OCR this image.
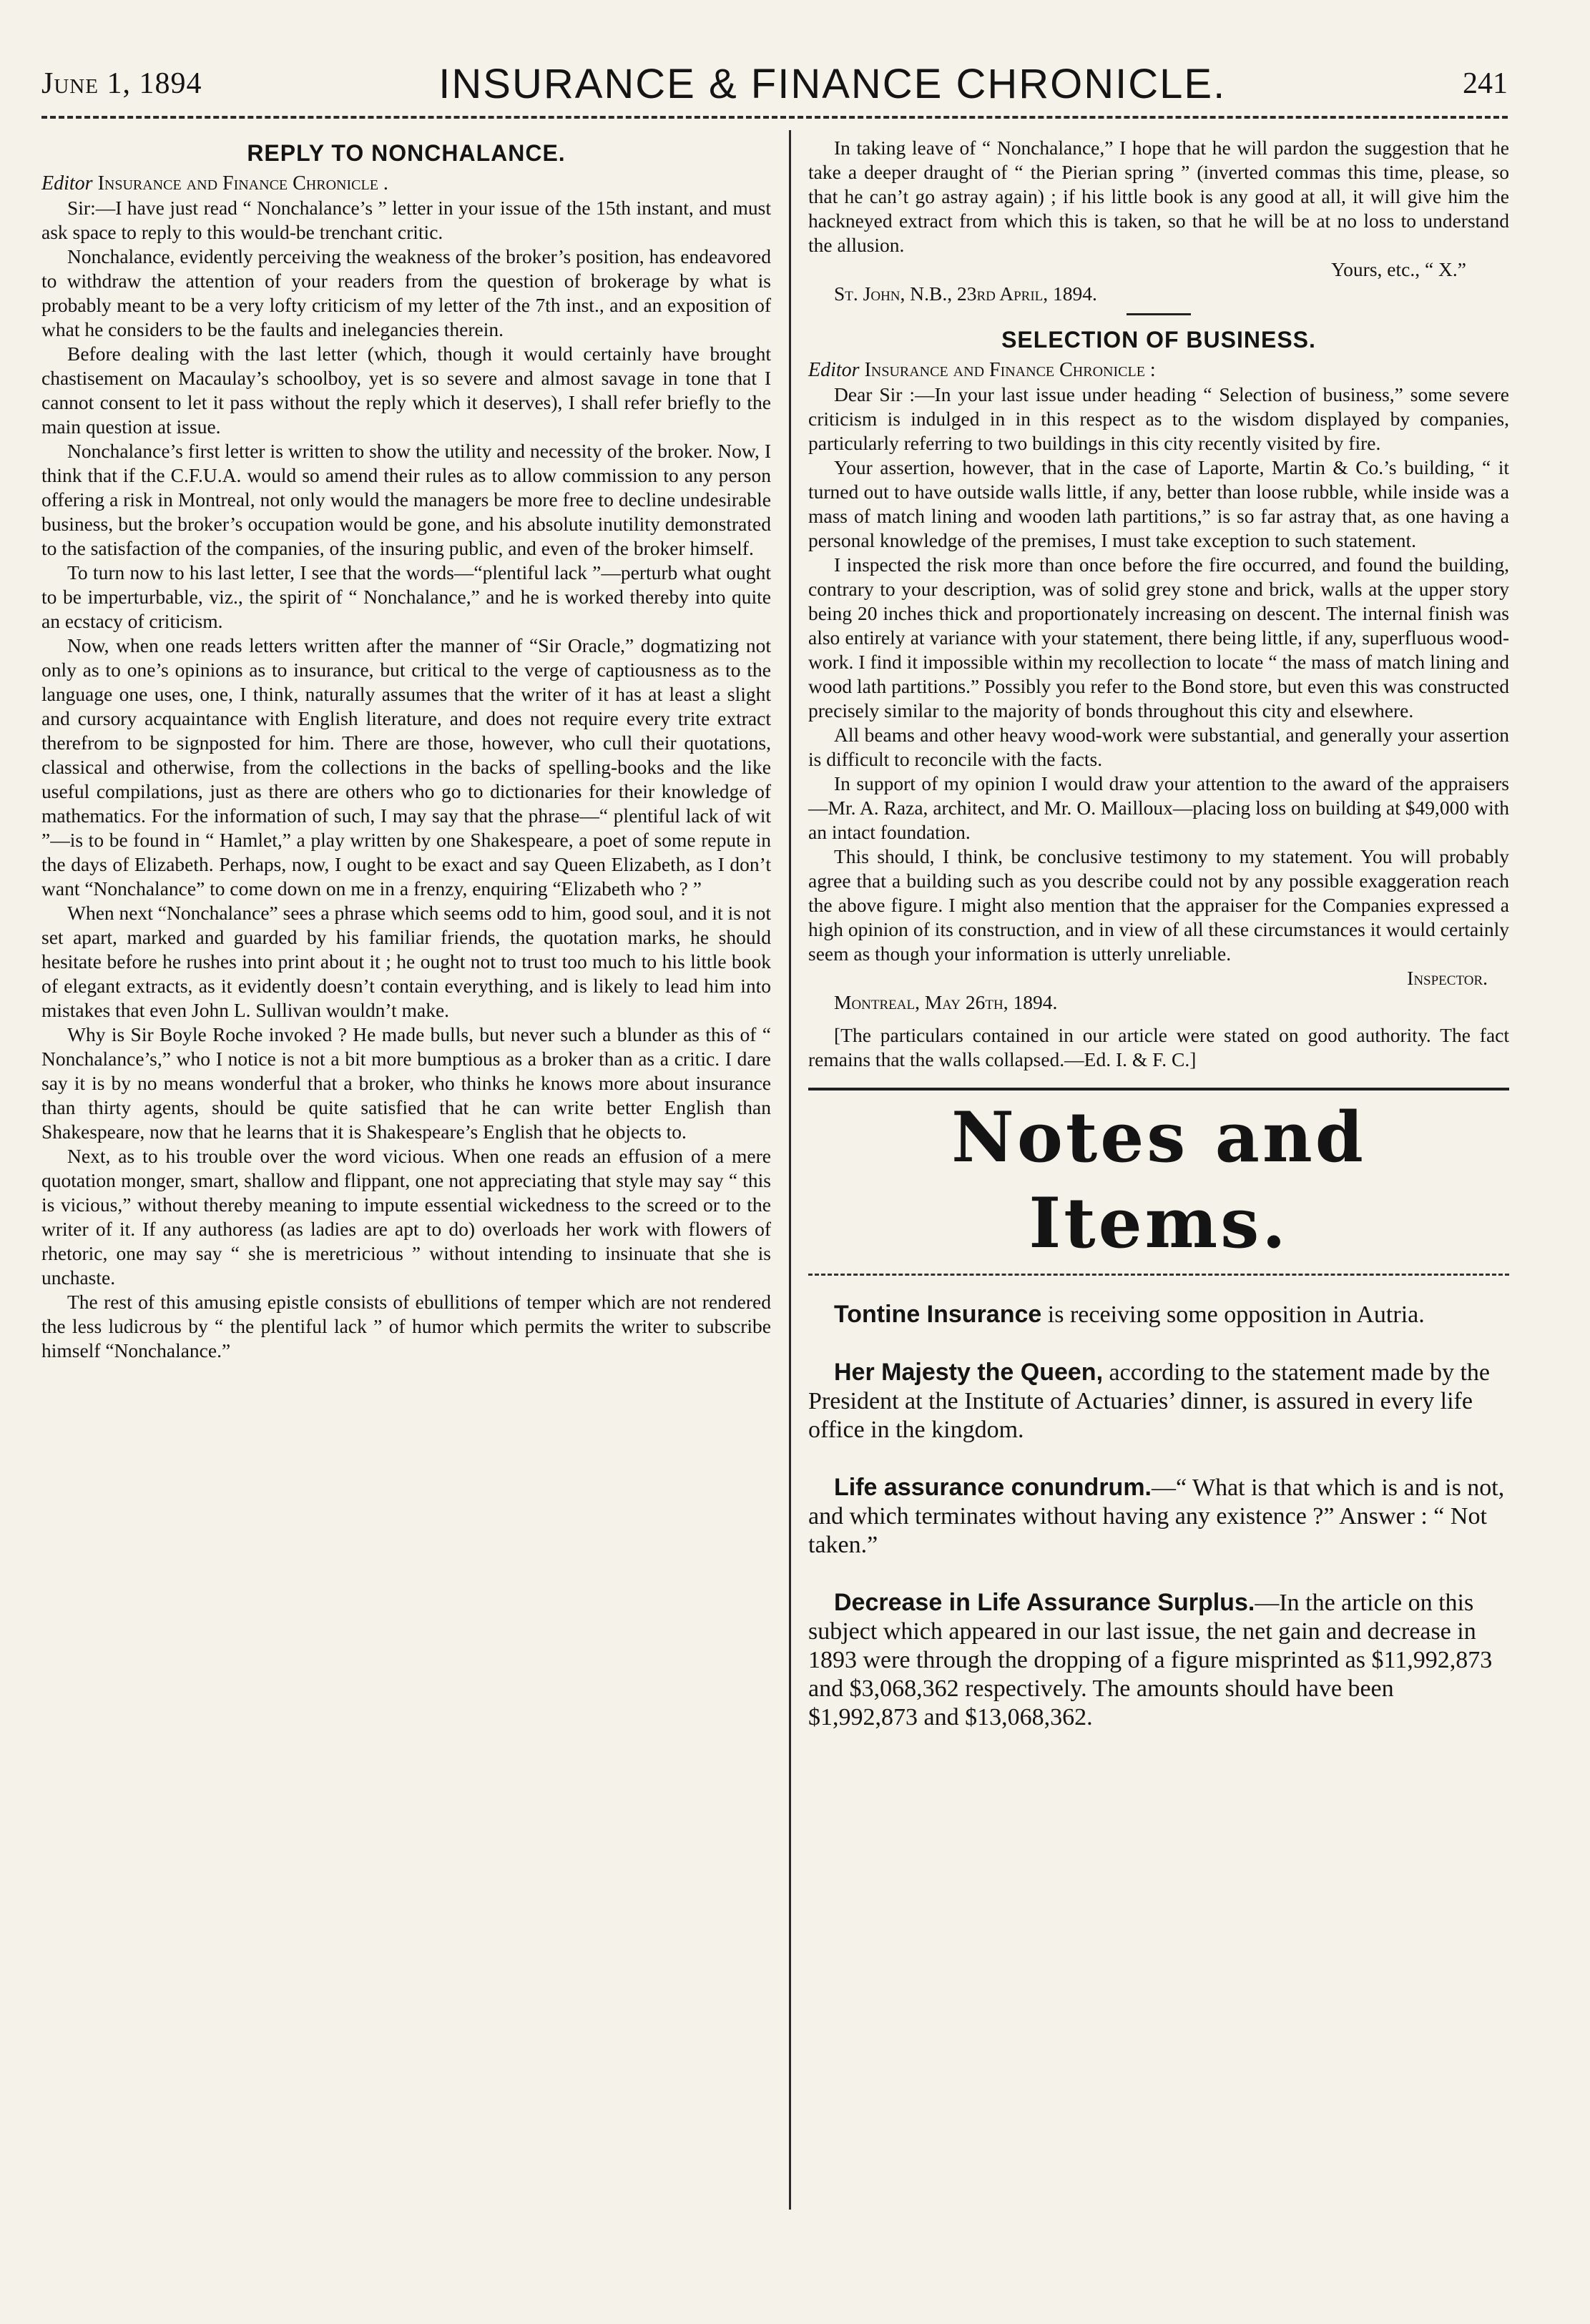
June 1, 1894	INSURANCE & FINANCE CHRONICLE.	241
REPLY TO NONCHALANCE.

Editor Insurance and Finance Chronicle .

Sir:—I have just read “ Nonchalance’s ” letter in your issue of the 15th instant, and must ask space to reply to this would-be trenchant critic.

Nonchalance, evidently perceiving the weakness of the broker’s position, has endeavored to withdraw the attention of your readers from the question of brokerage by what is probably meant to be a very lofty criticism of my letter of the 7th inst., and an exposition of what he considers to be the faults and inelegancies therein.

Before dealing with the last letter (which, though it would certainly have brought chastisement on Macaulay’s schoolboy, yet is so severe and almost savage in tone that I cannot consent to let it pass without the reply which it deserves), I shall refer briefly to the main question at issue.

Nonchalance’s first letter is written to show the utility and necessity of the broker. Now, I think that if the C.F.U.A. would so amend their rules as to allow commission to any person offering a risk in Montreal, not only would the managers be more free to decline undesirable business, but the broker’s occupation would be gone, and his absolute inutility demonstrated to the satisfaction of the companies, of the insuring public, and even of the broker himself.

To turn now to his last letter, I see that the words—“plentiful lack ”—perturb what ought to be imperturbable, viz., the spirit of “ Nonchalance,” and he is worked thereby into quite an ecstacy of criticism.

Now, when one reads letters written after the manner of “Sir Oracle,” dogmatizing not only as to one’s opinions as to insurance, but critical to the verge of captiousness as to the language one uses, one, I think, naturally assumes that the writer of it has at least a slight and cursory acquaintance with English literature, and does not require every trite extract therefrom to be signposted for him. There are those, however, who cull their quotations, classical and otherwise, from the collections in the backs of spelling-books and the like useful compilations, just as there are others who go to dictionaries for their knowledge of mathematics. For the information of such, I may say that the phrase—“ plentiful lack of wit ”—is to be found in “ Hamlet,” a play written by one Shakespeare, a poet of some repute in the days of Elizabeth. Perhaps, now, I ought to be exact and say Queen Elizabeth, as I don’t want “Nonchalance” to come down on me in a frenzy, enquiring “Elizabeth who ? ”

When next “Nonchalance” sees a phrase which seems odd to him, good soul, and it is not set apart, marked and guarded by his familiar friends, the quotation marks, he should hesitate before he rushes into print about it ; he ought not to trust too much to his little book of elegant extracts, as it evidently doesn’t contain everything, and is likely to lead him into mistakes that even John L. Sullivan wouldn’t make.

Why is Sir Boyle Roche invoked ? He made bulls, but never such a blunder as this of “ Nonchalance’s,” who I notice is not a bit more bumptious as a broker than as a critic. I dare say it is by no means wonderful that a broker, who thinks he knows more about insurance than thirty agents, should be quite satisfied that he can write better English than Shakespeare, now that he learns that it is Shakespeare’s English that he objects to.

Next, as to his trouble over the word vicious. When one reads an effusion of a mere quotation monger, smart, shallow and flippant, one not appreciating that style may say “ this is vicious,” without thereby meaning to impute essential wickedness to the screed or to the writer of it. If any authoress (as ladies are apt to do) overloads her work with flowers of rhetoric, one may say “ she is meretricious ” without intending to insinuate that she is unchaste.

The rest of this amusing epistle consists of ebullitions of temper which are not rendered the less ludicrous by “ the plentiful lack ” of humor which permits the writer to subscribe himself “Nonchalance.”

In taking leave of “ Nonchalance,” I hope that he will pardon the suggestion that he take a deeper draught of “ the Pierian spring ” (inverted commas this time, please, so that he can’t go astray again) ; if his little book is any good at all, it will give him the hackneyed extract from which this is taken, so that he will be at no loss to understand the allusion.

Yours, etc., “ X.”

St. John, N.B., 23rd April, 1894.

SELECTION OF BUSINESS.

Editor Insurance and Finance Chronicle :

Dear Sir :—In your last issue under heading “ Selection of business,” some severe criticism is indulged in in this respect as to the wisdom displayed by companies, particularly referring to two buildings in this city recently visited by fire.

Your assertion, however, that in the case of Laporte, Martin & Co.’s building, “ it turned out to have outside walls little, if any, better than loose rubble, while inside was a mass of match lining and wooden lath partitions,” is so far astray that, as one having a personal knowledge of the premises, I must take exception to such statement.

I inspected the risk more than once before the fire occurred, and found the building, contrary to your description, was of solid grey stone and brick, walls at the upper story being 20 inches thick and proportionately increasing on descent. The internal finish was also entirely at variance with your statement, there being little, if any, superfluous wood-work. I find it impossible within my recollection to locate “ the mass of match lining and wood lath partitions.” Possibly you refer to the Bond store, but even this was constructed precisely similar to the majority of bonds throughout this city and elsewhere.

All beams and other heavy wood-work were substantial, and generally your assertion is difficult to reconcile with the facts.

In support of my opinion I would draw your attention to the award of the appraisers—Mr. A. Raza, architect, and Mr. O. Mailloux—placing loss on building at $49,000 with an intact foundation.

This should, I think, be conclusive testimony to my statement. You will probably agree that a building such as you describe could not by any possible exaggeration reach the above figure. I might also mention that the appraiser for the Companies expressed a high opinion of its construction, and in view of all these circumstances it would certainly seem as though your information is utterly unreliable.

Inspector.

Montreal, May 26th, 1894.

[The particulars contained in our article were stated on good authority. The fact remains that the walls collapsed.—Ed. I. & F. C.]

Notes and Items.

Tontine Insurance is receiving some opposition in Autria.

Her Majesty the Queen, according to the statement made by the President at the Institute of Actuaries’ dinner, is assured in every life office in the kingdom.

Life assurance conundrum.—“ What is that which is and is not, and which terminates without having any existence ?” Answer : “ Not taken.”

Decrease in Life Assurance Surplus.—In the article on this subject which appeared in our last issue, the net gain and decrease in 1893 were through the dropping of a figure misprinted as $11,992,873 and $3,068,362 respectively. The amounts should have been $1,992,873 and $13,068,362.
